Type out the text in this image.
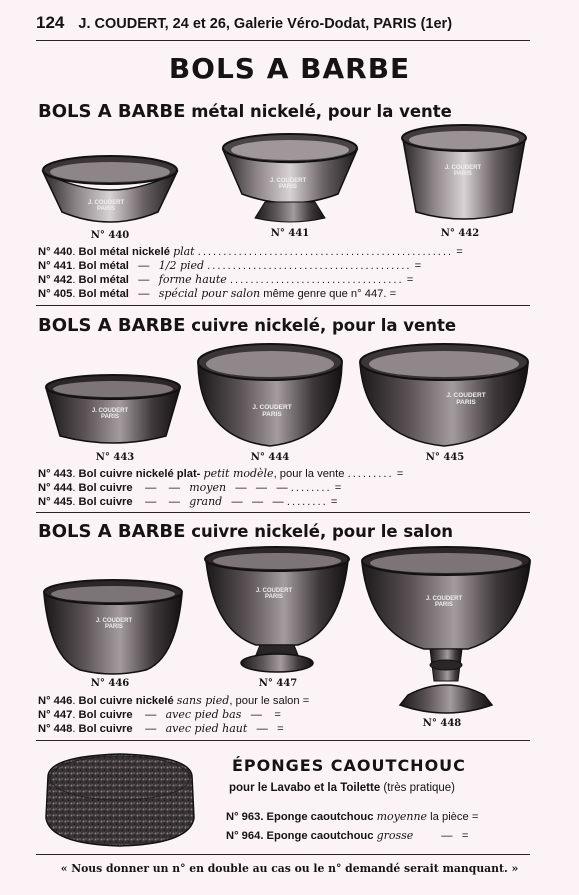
124 J. COUDERT, 24 et 26, Galerie Véro-Dodat, PARIS (1er)
BOLS A BARBE
BOLS A BARBE métal nickelé, pour la vente
J. COUDERT
PARIS
N° 440
J. COUDERT
PARIS
N° 441
J. COUDERT
PARIS
N° 442
N° 440. Bol métal nickelé plat .................................................. =
N° 441. Bol métal — 1/2 pied ........................................ =
N° 442. Bol métal — forme haute .................................. =
N° 405. Bol métal — spécial pour salon même genre que n° 447. =
BOLS A BARBE cuivre nickelé, pour la vente
J. COUDERT
PARIS
N° 443
J. COUDERT
PARIS
N° 444
J. COUDERT
PARIS
N° 445
N° 443. Bol cuivre nickelé plat- petit modèle, pour la vente ......... =
N° 444. Bol cuivre — — moyen   —   —   — ........ =
N° 445. Bol cuivre — — grand   —   —   — ........ =
BOLS A BARBE cuivre nickelé, pour le salon
J. COUDERT
PARIS
N° 446
J. COUDERT
PARIS
N° 447
J. COUDERT
PARIS
N° 448
N° 446. Bol cuivre nickelé sans pied, pour le salon =
N° 447. Bol cuivre — avec pied bas   —    =
N° 448. Bol cuivre — avec pied haut   —   =
ÉPONGES CAOUTCHOUC
pour le Lavabo et la Toilette (très pratique)
N° 963. Eponge caoutchouc moyenne la pièce =
N° 964. Eponge caoutchouc grosse — =
« Nous donner un n° en double au cas ou le n° demandé serait manquant. »
